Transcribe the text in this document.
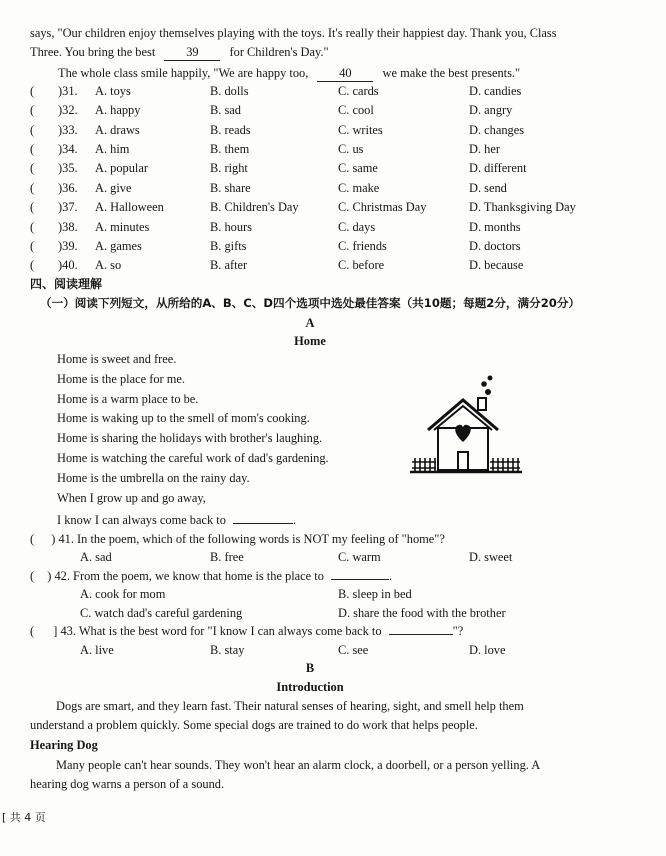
says, "Our children enjoy themselves playing with the toys. It's really their happiest day. Thank you, Class
Three. You bring the best 39 for Children's Day."
The whole class smile happily, "We are happy too, 40 we make the best presents."
( )31. A. toys	B. dolls	C. cards	D. candies
( )32. A. happy	B. sad	C. cool	D. angry
( )33. A. draws	B. reads	C. writes	D. changes
( )34. A. him	B. them	C. us	D. her
( )35. A. popular	B. right	C. same	D. different
( )36. A. give	B. share	C. make	D. send
( )37. A. Halloween	B. Children's Day	C. Christmas Day	D. Thanksgiving Day
( )38. A. minutes	B. hours	C. days	D. months
( )39. A. games	B. gifts	C. friends	D. doctors
( )40. A. so	B. after	C. before	D. because
四、阅读理解
（一）阅读下列短文，从所给的A、B、C、D四个选项中选处最佳答案（共10题；每题2分，满分20分）
A
Home
Home is sweet and free.
Home is the place for me.
Home is a warm place to be.
Home is waking up to the smell of mom's cooking.
Home is sharing the holidays with brother's laughing.
Home is watching the careful work of dad's gardening.
Home is the umbrella on the rainy day.
When I grow up and go away,
I know I can always come back to	.
( ) 41. In the poem, which of the following words is NOT my feeling of "home"?
A. sad	B. free	C. warm	D. sweet
( ) 42. From the poem, we know that home is the place to	.
A. cook for mom	B. sleep in bed
C. watch dad's careful gardening	D. share the food with the brother
( ] 43. What is the best word for "I know I can always come back to	"?
A. live	B. stay	C. see	D. love
B
Introduction
Dogs are smart, and they learn fast. Their natural senses of hearing, sight, and smell help them
understand a problem quickly. Some special dogs are trained to do work that helps people.
Hearing Dog
Many people can't hear sounds. They won't hear an alarm clock, a doorbell, or a person yelling. A
hearing dog warns a person of a sound.
[ 共 4 页
